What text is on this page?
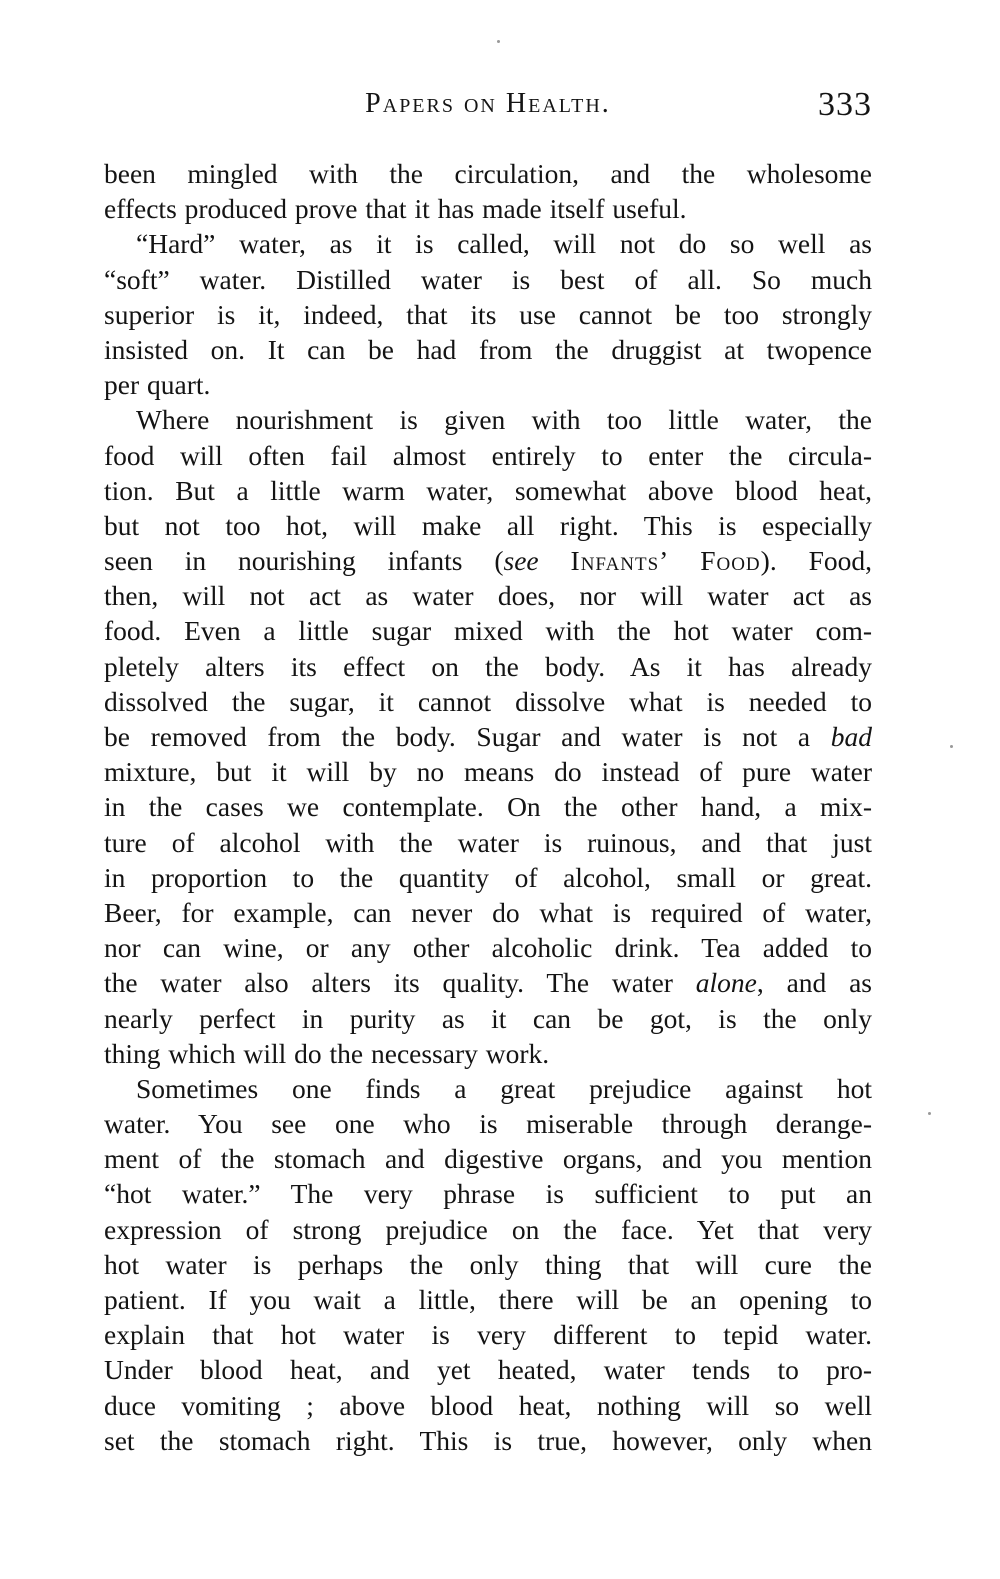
Papers on Health.	333
been mingled with the circulation, and the wholesome
effects produced prove that it has made itself useful.
“Hard” water, as it is called, will not do so well as
“soft” water. Distilled water is best of all. So much
superior is it, indeed, that its use cannot be too strongly
insisted on. It can be had from the druggist at twopence
per quart.
Where nourishment is given with too little water, the
food will often fail almost entirely to enter the circula-
tion. But a little warm water, somewhat above blood heat,
but not too hot, will make all right. This is especially
seen in nourishing infants (see Infants’ Food). Food,
then, will not act as water does, nor will water act as
food. Even a little sugar mixed with the hot water com-
pletely alters its effect on the body. As it has already
dissolved the sugar, it cannot dissolve what is needed to
be removed from the body. Sugar and water is not a bad
mixture, but it will by no means do instead of pure water
in the cases we contemplate. On the other hand, a mix-
ture of alcohol with the water is ruinous, and that just
in proportion to the quantity of alcohol, small or great.
Beer, for example, can never do what is required of water,
nor can wine, or any other alcoholic drink. Tea added to
the water also alters its quality. The water alone, and as
nearly perfect in purity as it can be got, is the only
thing which will do the necessary work.
Sometimes one finds a great prejudice against hot
water. You see one who is miserable through derange-
ment of the stomach and digestive organs, and you mention
“hot water.” The very phrase is sufficient to put an
expression of strong prejudice on the face. Yet that very
hot water is perhaps the only thing that will cure the
patient. If you wait a little, there will be an opening to
explain that hot water is very different to tepid water.
Under blood heat, and yet heated, water tends to pro-
duce vomiting ; above blood heat, nothing will so well
set the stomach right. This is true, however, only when
